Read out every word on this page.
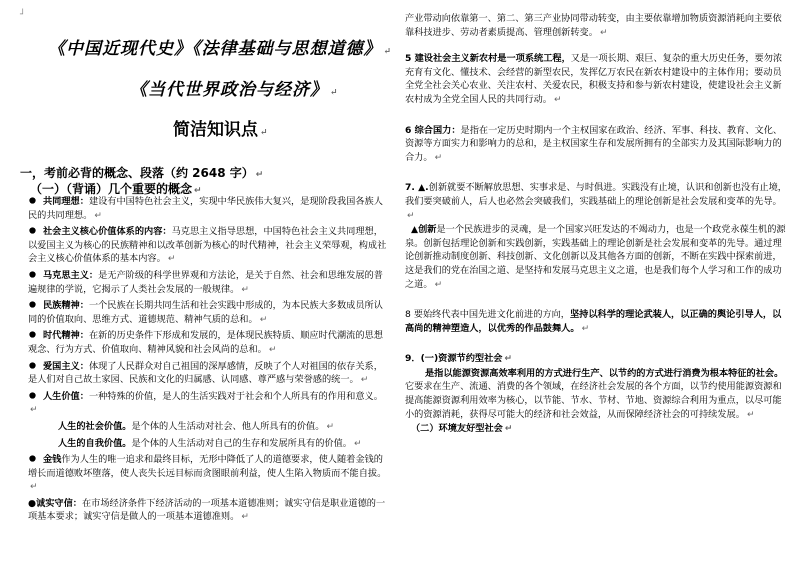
┘
《中国近现代史》《法律基础与思想道德》 ↵
《当代世界政治与经济》 ↵
简洁知识点 ↵
一，考前必背的概念、段落（约 2648 字） ↵
（一）（背诵）几个重要的概念 ↵

共同理想：建设有中国特色社会主义，实现中华民族伟大复兴，是现阶段我国各族人民的共同理想。 ↵

社会主义核心价值体系的内容：马克思主义指导思想，中国特色社会主义共同理想，以爱国主义为核心的民族精神和以改革创新为核心的时代精神，社会主义荣辱观，构成社会主义核心价值体系的基本内容。 ↵

马克思主义：是无产阶级的科学世界观和方法论，是关于自然、社会和思维发展的普遍规律的学说，它揭示了人类社会发展的一般规律。 ↵

民族精神：一个民族在长期共同生活和社会实践中形成的，为本民族大多数成员所认同的价值取向、思维方式、道德规范、精神气质的总和。 ↵

时代精神：在新的历史条件下形成和发展的，是体现民族特质、顺应时代潮流的思想观念、行为方式、价值取向、精神风貌和社会风尚的总和。 ↵

爱国主义：体现了人民群众对自己祖国的深厚感情，反映了个人对祖国的依存关系，是人们对自己故土家园、民族和文化的归属感、认同感、尊严感与荣誉感的统一。 ↵

人生价值：一种特殊的价值，是人的生活实践对于社会和个人所具有的作用和意义。↵

人生的社会价值。是个体的人生活动对社会、他人所具有的价值。 ↵

人生的自我价值。是个体的人生活动对自己的生存和发展所具有的价值。 ↵

金钱作为人生的唯一追求和最终目标，无形中降低了人的道德要求，使人随着金钱的增长而道德败坏堕落，使人丧失长远目标而贪图眼前利益，使人生陷入物质而不能自拔。↵

●诚实守信：在市场经济条件下经济活动的一项基本道德准则；诚实守信是职业道德的一项基本要求；诚实守信是做人的一项基本道德准则。 ↵

产业带动向依靠第一、第二、第三产业协同带动转变，由主要依靠增加物质资源消耗向主要依靠科技进步、劳动者素质提高、管理创新转变。 ↵

5 建设社会主义新农村是一项系统工程，又是一项长期、艰巨、复杂的重大历史任务，要勿浓充育有文化、懂技术、会经营的新型农民，发挥亿万农民在新农村建设中的主体作用；要动员全党全社会关心农业、关注农村、关爱农民，积极支持和参与新农村建设，使建设社会主义新农村成为全党全国人民的共同行动。 ↵

6 综合国力：是指在一定历史时期内一个主权国家在政治、经济、军事、科技、教育、文化、资源等方面实力和影响力的总和，是主权国家生存和发展所拥有的全部实力及其国际影响力的合力。 ↵

7. ▲.创新就要不断解放思想、实事求是、与时俱进。实践没有止境，认识和创新也没有止境，我们要突破前人，后人也必然会突破我们，实践基础上的理论创新是社会发展和变革的先导。↵

▲创新是一个民族进步的灵魂，是一个国家兴旺发达的不竭动力，也是一个政党永葆生机的源泉。创新包括理论创新和实践创新，实践基础上的理论创新是社会发展和变革的先导。通过理论创新推动制度创新、科技创新、文化创新以及其他各方面的创新，不断在实践中探索前进，这是我们的党在治国之道、是坚持和发展马克思主义之道，也是我们每个人学习和工作的成功之道。 ↵

8 要始终代表中国先进文化前进的方向，坚持以科学的理论武装人，以正确的舆论引导人，以高尚的精神塑造人，以优秀的作品鼓舞人。 ↵

9．(一)资源节约型社会 ↵

是指以能源资源高效率利用的方式进行生产、以节约的方式进行消费为根本特征的社会。它要求在生产、流通、消费的各个领域，在经济社会发展的各个方面，以节约使用能源资源和提高能源资源利用效率为核心，以节能、节水、节材、节地、资源综合利用为重点，以尽可能小的资源消耗，获得尽可能大的经济和社会效益，从而保障经济社会的可持续发展。 ↵

（二）环境友好型社会 ↵
